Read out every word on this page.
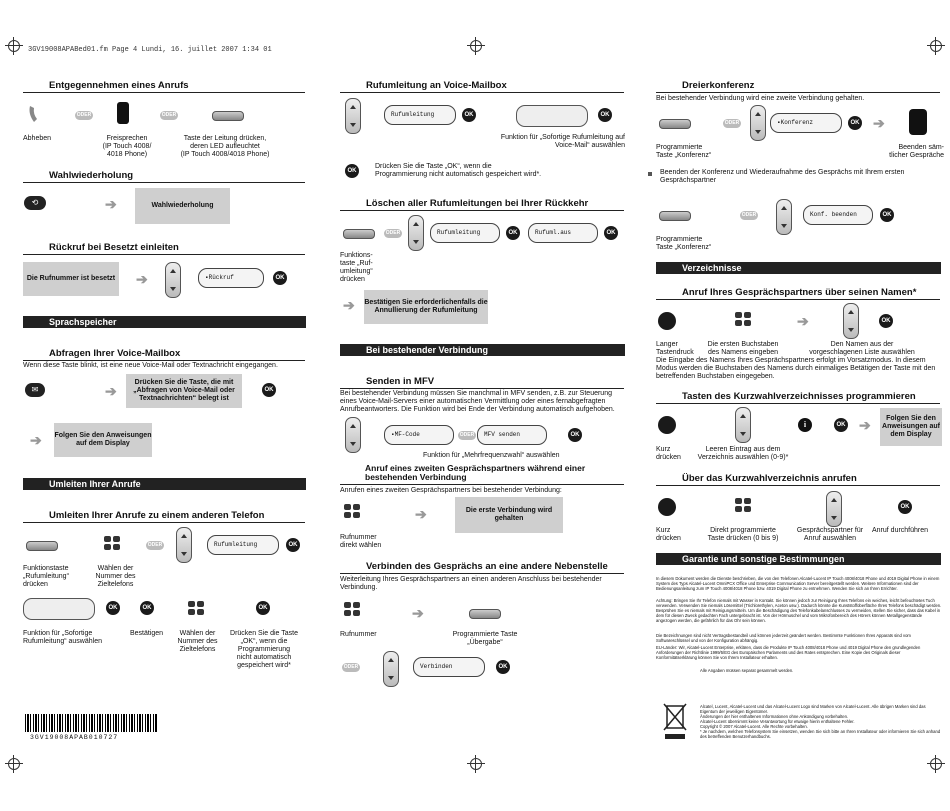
3GV19008APABed01.fm Page 4 Lundi, 16. juillet 2007 1:34 01
Entgegennehmen eines Anrufs
ODER	ODER
Abheben	Freisprechen
(IP Touch 4008/
4018 Phone)
Taste der Leitung drücken,
deren LED aufleuchtet
(IP Touch 4008/4018 Phone)
Wahlwiederholung
⟲	➔	Wahlwiederholung
Rückruf bei Besetzt einleiten
Die Rufnummer ist besetzt ➔	▪Rückruf	OK
Sprachspeicher
Abfragen Ihrer Voice-Mailbox
Wenn diese Taste blinkt, ist eine neue Voice-Mail oder Textnachricht eingegangen.
✉	➔
Drücken Sie die Taste, die mit
„Abfragen von Voice-Mail oder
Textnachrichten“ belegt ist
OK
➔ Folgen Sie den Anweisungen
auf dem Display
Umleiten Ihrer Anrufe
Umleiten Ihrer Anrufe zu einem anderen Telefon
ODER	Rufumleitung	OK
Funktionstaste
„Rufumleitung“
drücken
Wählen der
Nummer des
Zieltelefons
OK	OK	OK
Funktion für „Sofortige
Rufumleitung“ auswählen
Bestätigen	Wählen der
Nummer des
Zieltelefons
Drücken Sie die Taste
„OK“, wenn die
Programmierung
nicht automatisch
gespeichert wird*
3GV19008APAB010727
Rufumleitung an Voice-Mailbox
Rufumleitung	OK	OK
Funktion für „Sofortige Rufumleitung auf
Voice-Mail“ auswählen
OK
Drücken Sie die Taste „OK“, wenn die
Programmierung nicht automatisch gespeichert wird*.
Löschen aller Rufumleitungen bei Ihrer Rückkehr
ODER	Rufumleitung	OK	Rufuml.aus	OK
Funktions-
taste „Ruf-
umleitung“
drücken
➔ Bestätigen Sie erforderlichenfalls die
Annullierung der Rufumleitung
Bei bestehender Verbindung
Senden in MFV
Bei bestehender Verbindung müssen Sie manchmal in MFV senden, z.B. zur Steuerung eines Voice-Mail-Servers einer automatischen Vermittlung oder eines fernabgefragten Anrufbeantworters. Die Funktion wird bei Ende der Verbindung automatisch aufgehoben.
▪MF-Code	ODER	MFV senden	OK
Funktion für „Mehrfrequenzwahl“ auswählen
Anruf eines zweiten Gesprächspartners während einer
bestehenden Verbindung
Anrufen eines zweiten Gesprächspartners bei bestehender Verbindung:
➔	Die erste Verbindung wird
gehalten
Rufnummer
direkt wählen
Verbinden des Gesprächs an eine andere Nebenstelle
Weiterleitung Ihres Gesprächspartners an einen anderen Anschluss bei bestehender Verbindung.
➔
Rufnummer	Programmierte Taste
„Übergabe“
ODER	Verbinden	OK
Dreierkonferenz
Bei bestehender Verbindung wird eine zweite Verbindung gehalten.
ODER	▪Konferenz	OK ➔
Programmierte
Taste „Konferenz“
Beenden säm-
tlicher Gespräche
Beenden der Konferenz und Wiederaufnahme des Gesprächs mit Ihrem ersten
Gesprächspartner
ODER	Konf. beenden	OK
Programmierte
Taste „Konferenz“
Verzeichnisse
Anruf Ihres Gesprächspartners über seinen Namen*
➔	OK
Langer
Tastendruck
Die ersten Buchstaben
des Namens eingeben
Den Namen aus der
vorgeschlagenen Liste auswählen
Die Eingabe des Namens Ihres Gesprächspartners erfolgt im Vorsatzmodus. In diesem Modus werden die Buchstaben des Namens durch einmaliges Betätigen der Taste mit den betreffenden Buchstaben eingegeben.
Tasten des Kurzwahlverzeichnisses programmieren
i	OK ➔	Folgen Sie den
Anweisungen auf
dem Display
Kurz
drücken
Leeren Eintrag aus dem
Verzeichnis auswählen (0-9)*
Über das Kurzwahlverzeichnis anrufen
OK
Kurz
drücken
Direkt programmierte
Taste drücken (0 bis 9)
Gesprächspartner für
Anruf auswählen
Anruf durchführen
Garantie und sonstige Bestimmungen
In diesem Dokument werden die Dienste beschrieben, die von den Telefonen Alcatel-Lucent IP Touch 4008/4018 Phone und 4019 Digital Phone in einem System des Typs Alcatel-Lucent OmniPCX Office und Enterprise Communication Server bereitgestellt werden. Weitere Informationen sind der Bedienungsanleitung zum IP Touch 4008/4018 Phone bzw. 4019 Digital Phone zu entnehmen. Wenden Sie sich an Ihren Errichter.
Achtung: Bringen Sie Ihr Telefon niemals mit Wasser in Kontakt. Sie können jedoch zur Reinigung Ihres Telefons ein weiches, leicht befeuchtetes Tuch verwenden. Verwenden Sie niemals Lösemittel (Trichlorethylen, Aceton usw.). Dadurch könnte die Kunststoffoberfläche Ihres Telefons beschädigt werden. Besprühen Sie es niemals mit Reinigungsmitteln. Um die Beschädigung des Telefonkabelanschlusses zu vermeiden, stellen Sie sicher, dass das Kabel in dem für diesen Zweck gedachten Fach untergebracht ist. Von der Hörmuschel und vom Mikrofonbereich des Hörers können Metallgegenstände angezogen werden, die gefährlich für das Ohr sein können.
Die Bezeichnungen sind nicht Vertragsbestandteil und können jederzeit geändert werden. Bestimmte Funktionen Ihres Apparats sind vom Softwareschlüssel und von der Konfiguration abhängig.
EU-Länder: Wir, Alcatel-Lucent Enterprise, erklären, dass die Produkte IP Touch 4008/4018 Phone und 4019 Digital Phone den grundlegenden Anforderungen der Richtlinie 1999/5/EG des Europäischen Parlaments und des Rates entsprechen. Eine Kopie des Originals dieser Konformitätserklärung können Sie von Ihrem Installateur erhalten.
Alle Angaben müssen separat gesammelt werden.
Alcatel, Lucent, Alcatel-Lucent und das Alcatel-Lucent Logo sind Marken von Alcatel-Lucent. Alle übrigen Marken sind das Eigentum der jeweiligen Eigentümer.
Änderungen der hier enthaltenen Informationen ohne Ankündigung vorbehalten.
Alcatel-Lucent übernimmt keine Verantwortung für etwaige hierin enthaltene Fehler.
Copyright © 2007 Alcatel-Lucent. Alle Rechte vorbehalten.
* Je nachdem, welchen Telefonsystem Sie einsetzen, wenden Sie sich bitte an Ihren Installateur oder informieren Sie sich anhand des betreffenden Benutzerhandbuchs.
